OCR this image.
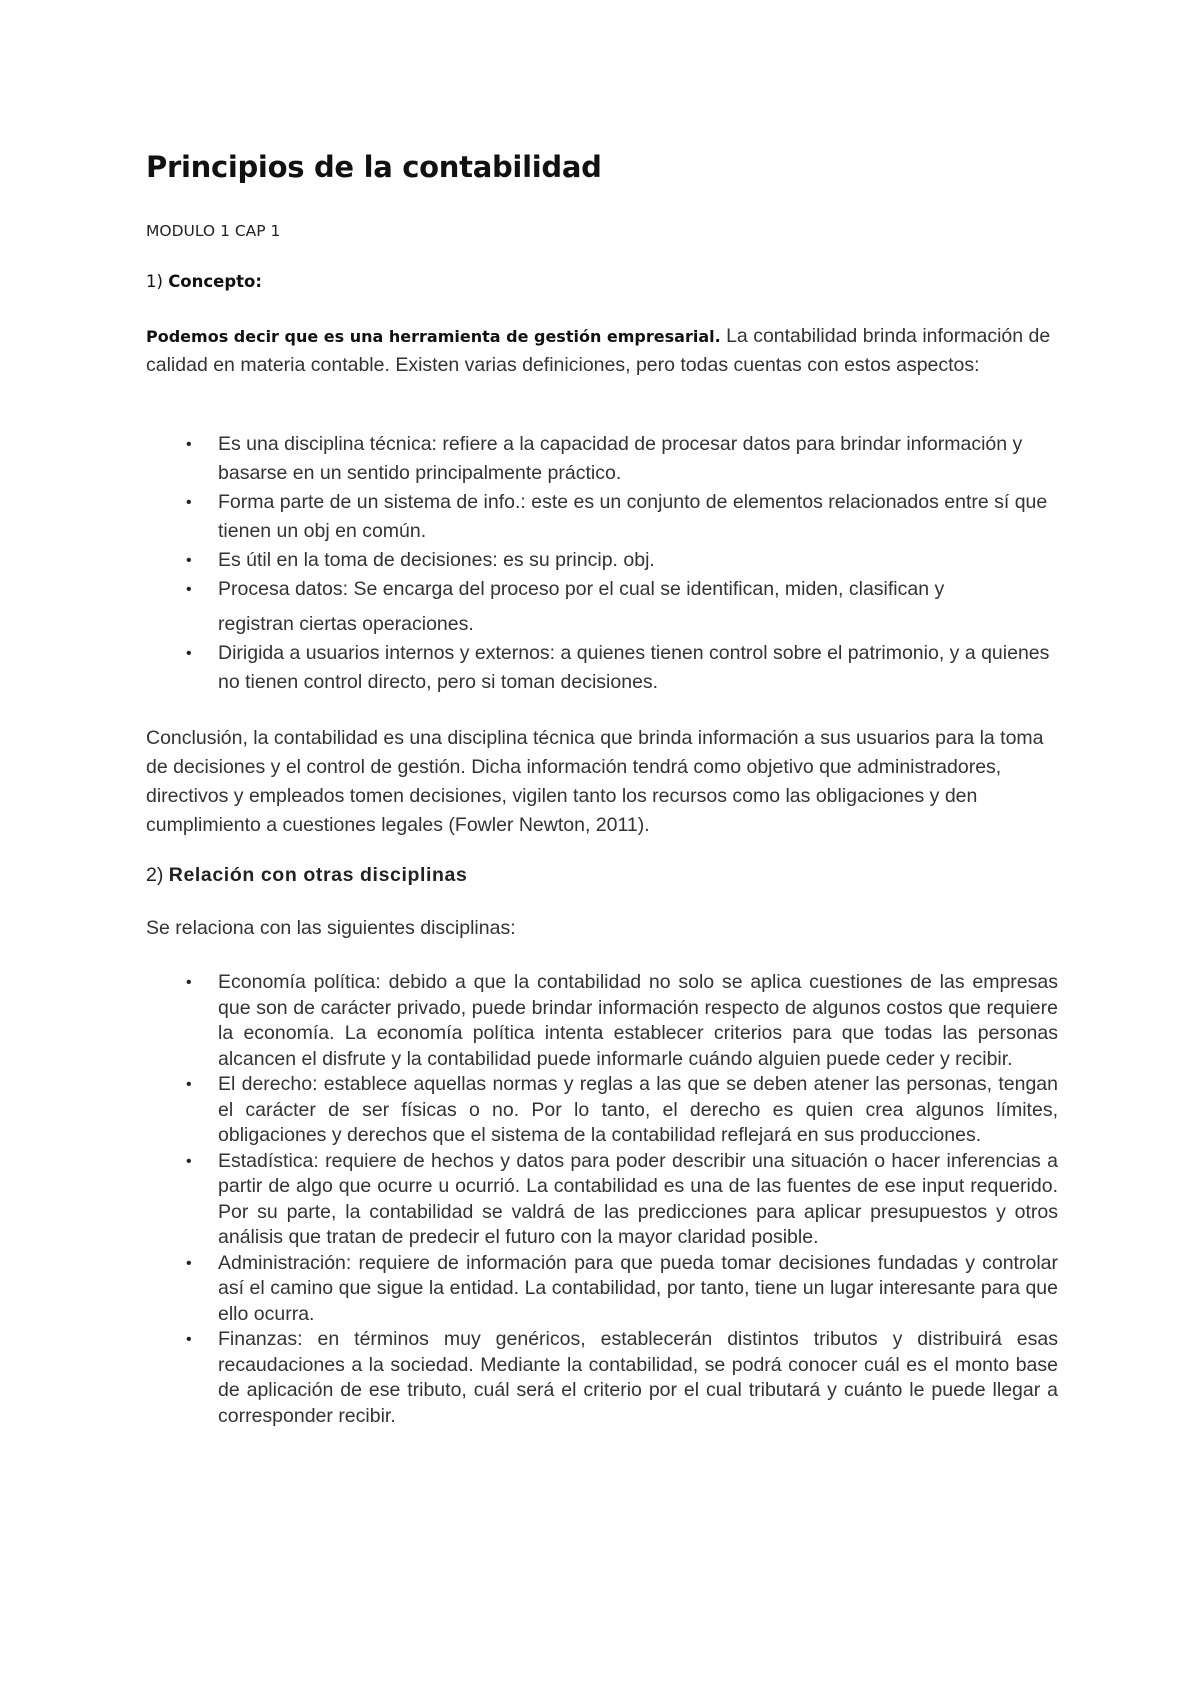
Principios de la contabilidad
MODULO 1 CAP 1
1) Concepto:

Podemos decir que es una herramienta de gestión empresarial. La contabilidad brinda información de calidad en materia contable. Existen varias definiciones, pero todas cuentas con estos aspectos:

• Es una disciplina técnica: refiere a la capacidad de procesar datos para brindar información y basarse en un sentido principalmente práctico.
• Forma parte de un sistema de info.: este es un conjunto de elementos relacionados entre sí que tienen un obj en común.
• Es útil en la toma de decisiones: es su princip. obj.
• Procesa datos: Se encarga del proceso por el cual se identifican, miden, clasifican y
registran ciertas operaciones.
• Dirigida a usuarios internos y externos: a quienes tienen control sobre el patrimonio, y a quienes no tienen control directo, pero si toman decisiones.

Conclusión, la contabilidad es una disciplina técnica que brinda información a sus usuarios para la toma de decisiones y el control de gestión. Dicha información tendrá como objetivo que administradores, directivos y empleados tomen decisiones, vigilen tanto los recursos como las obligaciones y den cumplimiento a cuestiones legales (Fowler Newton, 2011).

2) Relación con otras disciplinas

Se relaciona con las siguientes disciplinas:

• Economía política: debido a que la contabilidad no solo se aplica cuestiones de las empresas que son de carácter privado, puede brindar información respecto de algunos costos que requiere la economía. La economía política intenta establecer criterios para que todas las personas alcancen el disfrute y la contabilidad puede informarle cuándo alguien puede ceder y recibir.
• El derecho: establece aquellas normas y reglas a las que se deben atener las personas, tengan el carácter de ser físicas o no. Por lo tanto, el derecho es quien crea algunos límites, obligaciones y derechos que el sistema de la contabilidad reflejará en sus producciones.
• Estadística: requiere de hechos y datos para poder describir una situación o hacer inferencias a partir de algo que ocurre u ocurrió. La contabilidad es una de las fuentes de ese input requerido. Por su parte, la contabilidad se valdrá de las predicciones para aplicar presupuestos y otros análisis que tratan de predecir el futuro con la mayor claridad posible.
• Administración: requiere de información para que pueda tomar decisiones fundadas y controlar así el camino que sigue la entidad. La contabilidad, por tanto, tiene un lugar interesante para que ello ocurra.
• Finanzas: en términos muy genéricos, establecerán distintos tributos y distribuirá esas recaudaciones a la sociedad. Mediante la contabilidad, se podrá conocer cuál es el monto base de aplicación de ese tributo, cuál será el criterio por el cual tributará y cuánto le puede llegar a corresponder recibir.
